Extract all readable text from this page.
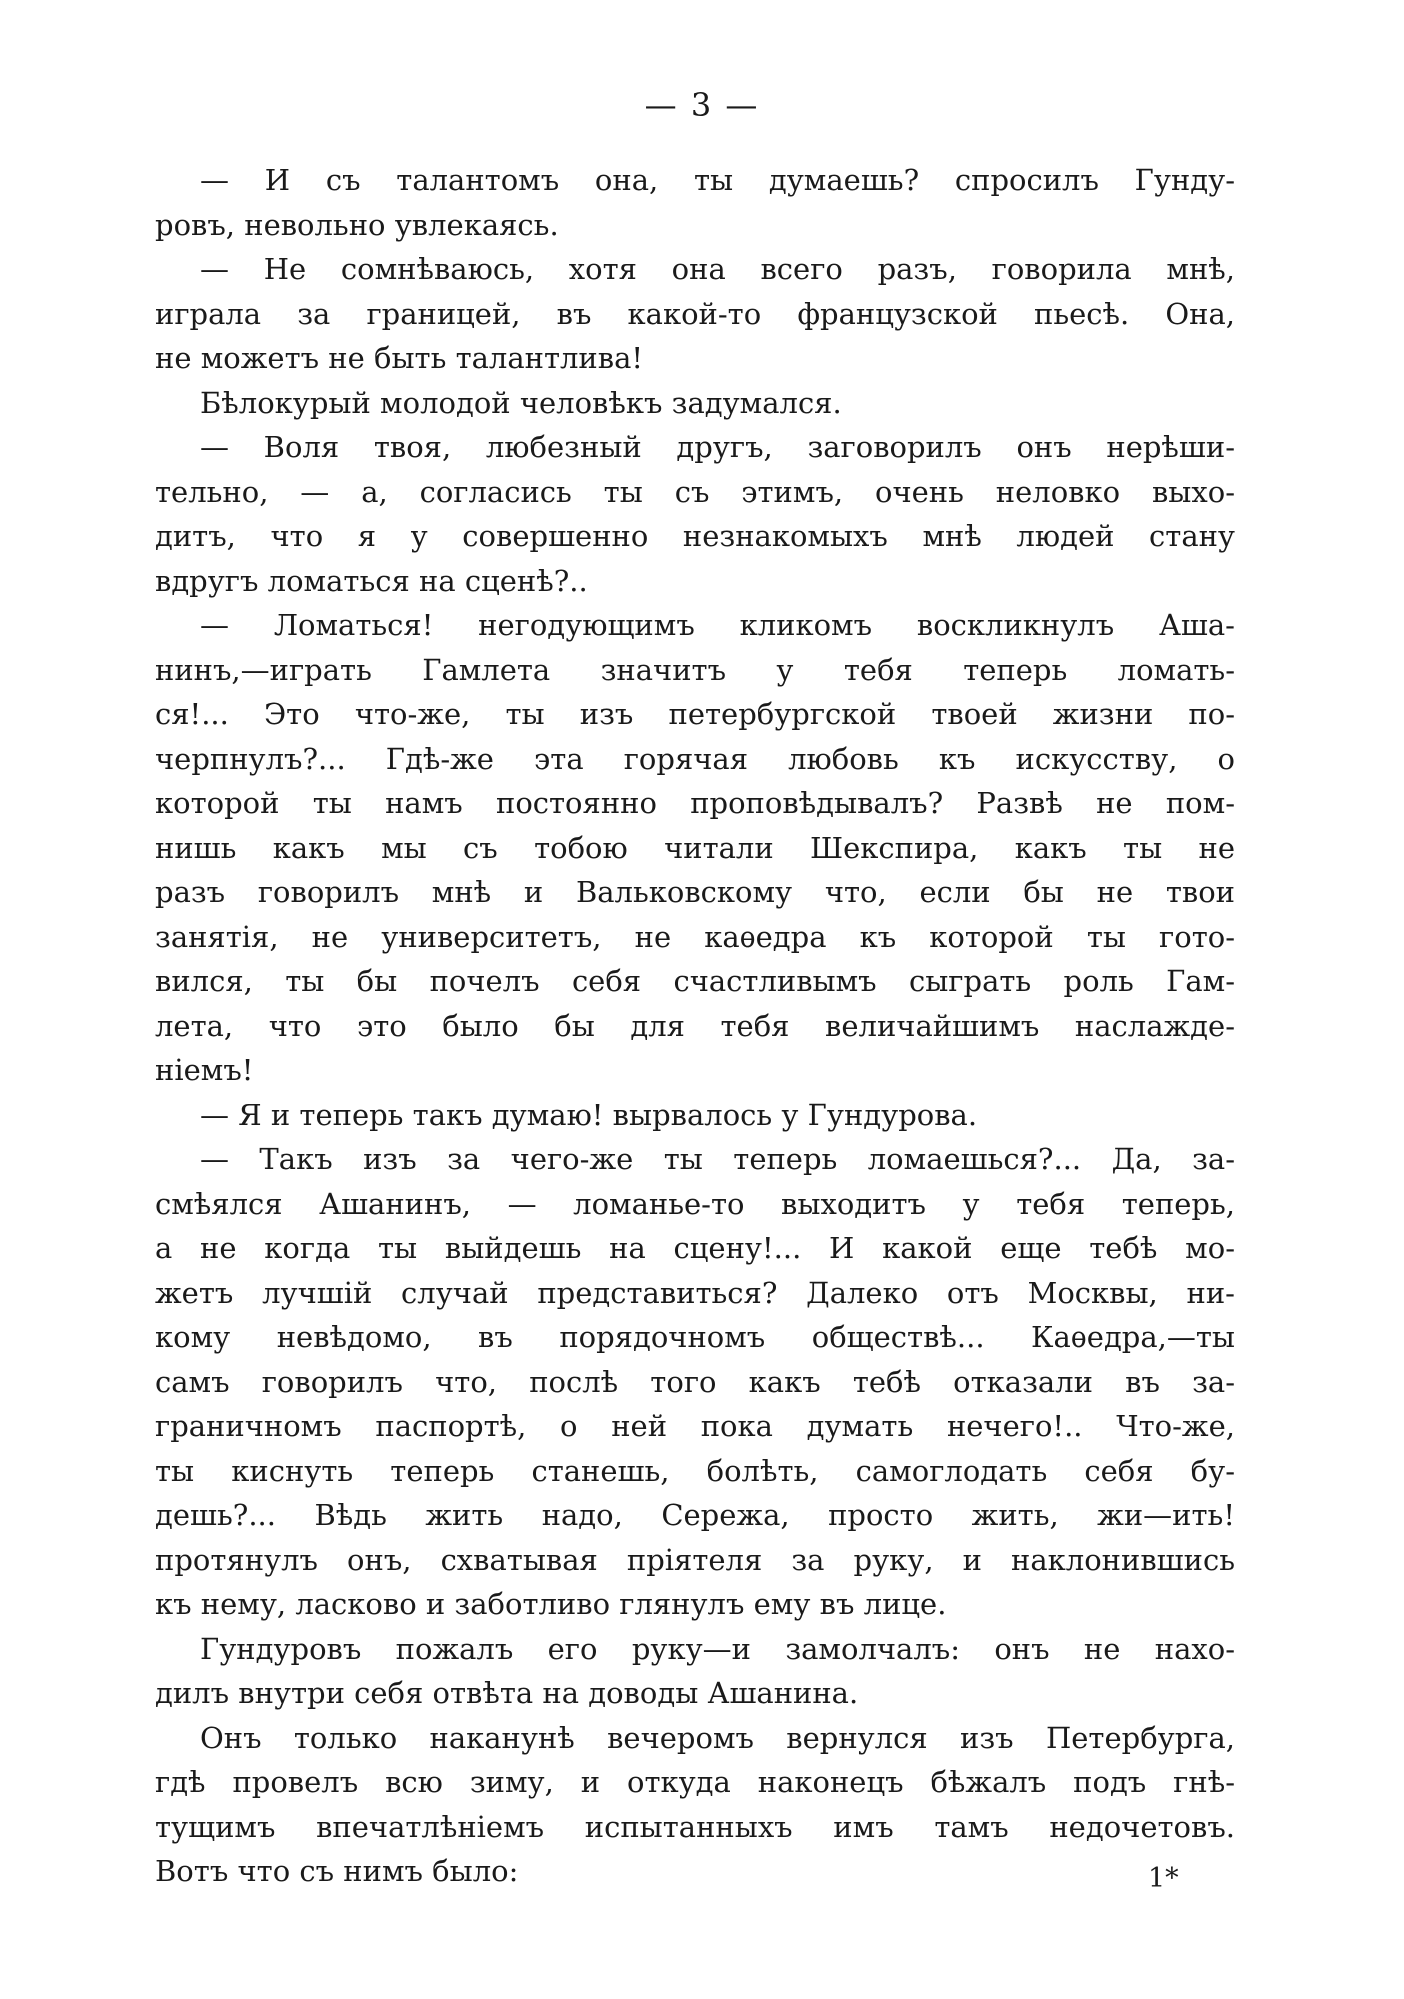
— 3 —
— И съ талантомъ она, ты думаешь? спросилъ Гунду-
ровъ, невольно увлекаясь.
— Не сомнѣваюсь, хотя она всего разъ, говорила мнѣ,
играла за границей, въ какой-то французской пьесѣ. Она,
не можетъ не быть талантлива!
Бѣлокурый молодой человѣкъ задумался.
— Воля твоя, любезный другъ, заговорилъ онъ нерѣши-
тельно, — а, согласись ты съ этимъ, очень неловко выхо-
дитъ, что я у совершенно незнакомыхъ мнѣ людей стану
вдругъ ломаться на сценѣ?..
— Ломаться! негодующимъ кликомъ воскликнулъ Ашa-
нинъ,—играть Гамлета значитъ у тебя теперь ломать-
ся!... Это что-же, ты изъ петербургской твоей жизни по-
черпнулъ?... Гдѣ-же эта горячая любовь къ искусству, о
которой ты намъ постоянно проповѣдывалъ? Развѣ не пом-
нишь какъ мы съ тобою читали Шекспира, какъ ты не
разъ говорилъ мнѣ и Вальковскому что, если бы не твои
занятія, не университетъ, не каѳедра къ которой ты гото-
вился, ты бы почелъ себя счастливымъ сыграть роль Гам-
лета, что это было бы для тебя величайшимъ наслажде-
ніемъ!
— Я и теперь такъ думаю! вырвалось у Гундурова.
— Такъ изъ за чего-же ты теперь ломаешься?... Да, за-
смѣялся Ашанинъ, — ломанье-то выходитъ у тебя теперь,
а не когда ты выйдешь на сцену!... И какой еще тебѣ мо-
жетъ лучшій случай представиться? Далеко отъ Москвы, ни-
кому невѣдомо, въ порядочномъ обществѣ... Каѳедра,—ты
самъ говорилъ что, послѣ того какъ тебѣ отказали въ за-
граничномъ паспортѣ, о ней пока думать нечего!.. Что-же,
ты киснуть теперь станешь, болѣть, самоглодать себя бу-
дешь?... Вѣдь жить надо, Сережа, просто жить, жи—ить!
протянулъ онъ, схватывая пріятеля за руку, и наклонившись
къ нему, ласково и заботливо глянулъ ему въ лице.
Гундуровъ пожалъ его руку—и замолчалъ: онъ не нахо-
дилъ внутри себя отвѣта на доводы Ашанина.
Онъ только наканунѣ вечеромъ вернулся изъ Петербурга,
гдѣ провелъ всю зиму, и откуда наконецъ бѣжалъ подъ гнѣ-
тущимъ впечатлѣніемъ испытанныхъ имъ тамъ недочетовъ.
Вотъ что съ нимъ было:	1*
